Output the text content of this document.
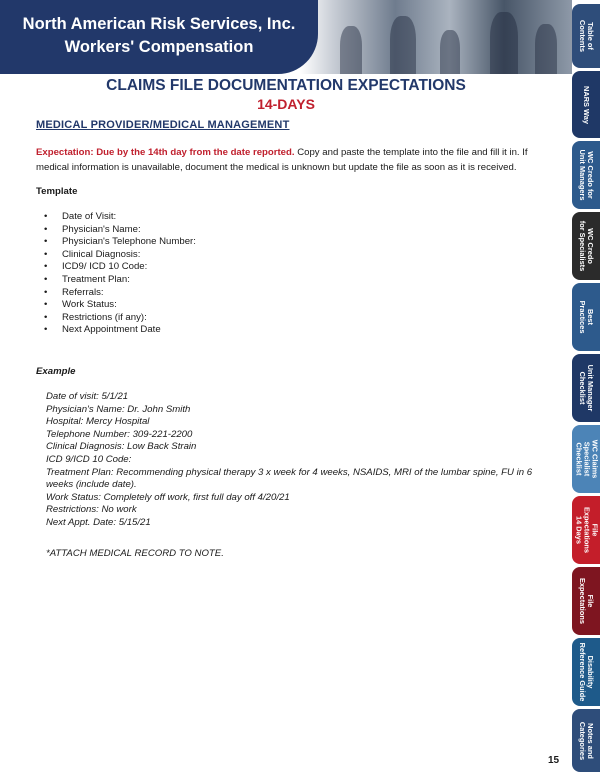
North American Risk Services, Inc.
Workers' Compensation
CLAIMS FILE DOCUMENTATION EXPECTATIONS
14-DAYS
MEDICAL PROVIDER/MEDICAL MANAGEMENT
Expectation: Due by the 14th day from the date reported. Copy and paste the template into the file and fill it in. If medical information is unavailable, document the medical is unknown but update the file as soon as it is received.
Template
• Date of Visit:
• Physician's Name:
• Physician's Telephone Number:
• Clinical Diagnosis:
• ICD9/ ICD 10 Code:
• Treatment Plan:
• Referrals:
• Work Status:
• Restrictions (if any):
• Next Appointment Date
Example
Date of visit: 5/1/21
Physician's Name: Dr. John Smith
Hospital: Mercy Hospital
Telephone Number: 309-221-2200
Clinical Diagnosis: Low Back Strain
ICD 9/ICD 10 Code:
Treatment Plan: Recommending physical therapy 3 x week for 4 weeks, NSAIDS, MRI of the lumbar spine, FU in 6 weeks (include date).
Work Status: Completely off work, first full day off 4/20/21
Restrictions: No work
Next Appt. Date: 5/15/21
*ATTACH MEDICAL RECORD TO NOTE.
Table of
Contents
NARS Way
WC Credo for
Unit Managers
WC Credo
for Specialists
Best
Practices
Unit Manager
Checklist
WC Claims
Specialist
Checklist
File
Expectations
14 Days
File
Expectations
Disability
Reference Guide
Notes and
Categories
15
